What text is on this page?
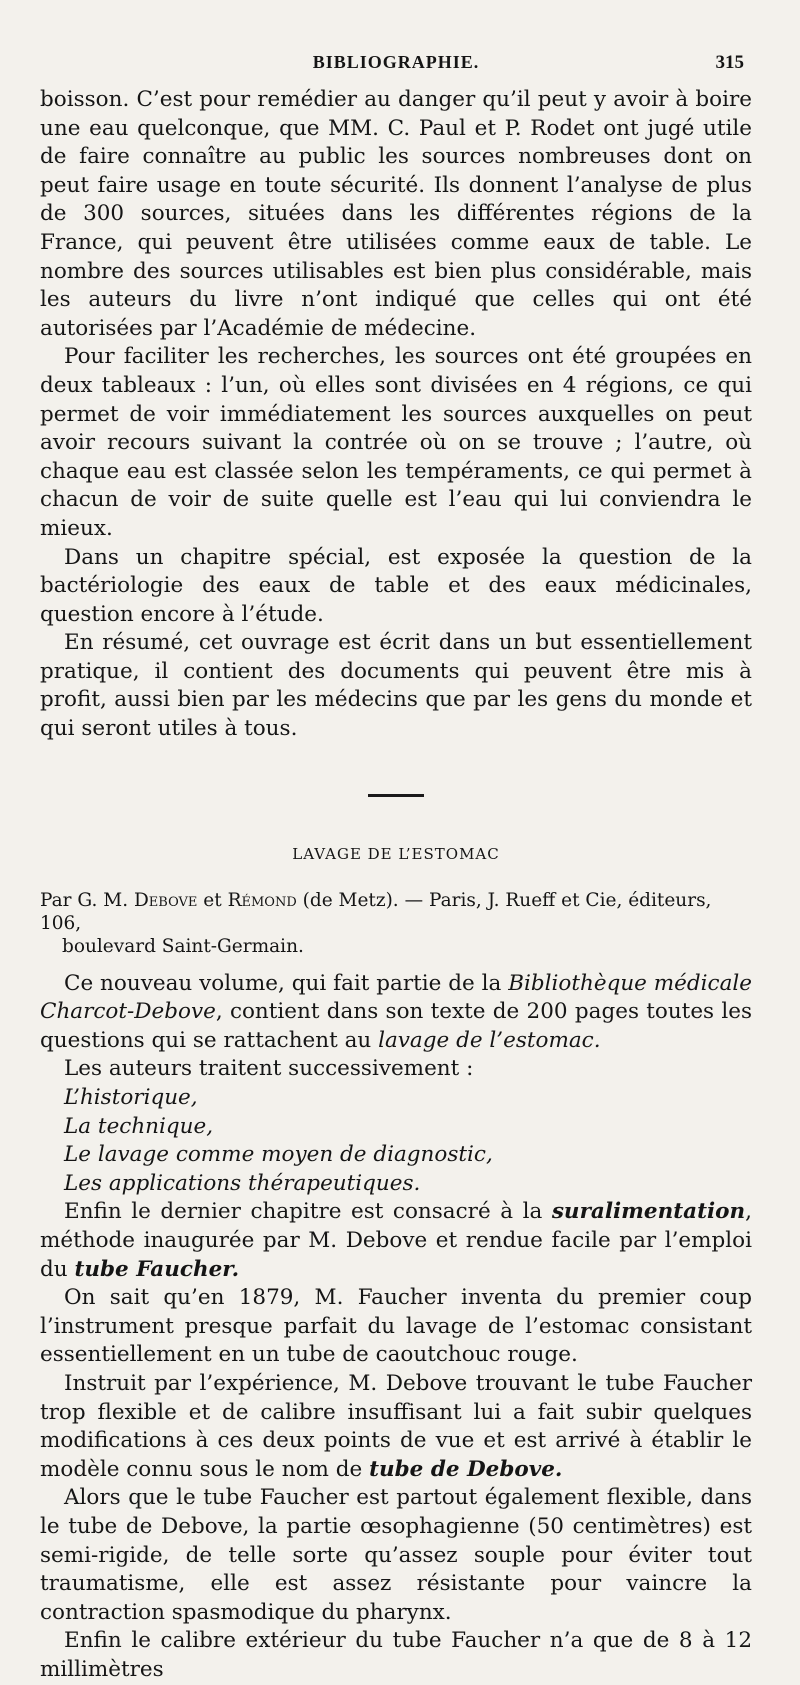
BIBLIOGRAPHIE.	315

boisson. C’est pour remédier au danger qu’il peut y avoir à boire une eau quelconque, que MM. C. Paul et P. Rodet ont jugé utile de faire connaître au public les sources nombreuses dont on peut faire usage en toute sécurité. Ils donnent l’analyse de plus de 300 sources, situées dans les différentes régions de la France, qui peuvent être utilisées comme eaux de table. Le nombre des sources utilisables est bien plus considérable, mais les auteurs du livre n’ont indiqué que celles qui ont été autorisées par l’Académie de médecine.

Pour faciliter les recherches, les sources ont été groupées en deux tableaux : l’un, où elles sont divisées en 4 régions, ce qui permet de voir immédiatement les sources auxquelles on peut avoir recours suivant la contrée où on se trouve ; l’autre, où chaque eau est classée selon les tempéraments, ce qui permet à chacun de voir de suite quelle est l’eau qui lui conviendra le mieux.

Dans un chapitre spécial, est exposée la question de la bactériologie des eaux de table et des eaux médicinales, question encore à l’étude.

En résumé, cet ouvrage est écrit dans un but essentiellement pratique, il contient des documents qui peuvent être mis à profit, aussi bien par les médecins que par les gens du monde et qui seront utiles à tous.

LAVAGE DE L’ESTOMAC

Par G. M. Debove et Rémond (de Metz). — Paris, J. Rueff et Cie, éditeurs, 106,

boulevard Saint-Germain.

Ce nouveau volume, qui fait partie de la Bibliothèque médicale Charcot-Debove, contient dans son texte de 200 pages toutes les questions qui se rattachent au lavage de l’estomac.

Les auteurs traitent successivement :

L’historique,

La technique,

Le lavage comme moyen de diagnostic,

Les applications thérapeutiques.

Enfin le dernier chapitre est consacré à la suralimentation, méthode inaugurée par M. Debove et rendue facile par l’emploi du tube Faucher.

On sait qu’en 1879, M. Faucher inventa du premier coup l’instrument presque parfait du lavage de l’estomac consistant essentiellement en un tube de caoutchouc rouge.

Instruit par l’expérience, M. Debove trouvant le tube Faucher trop flexible et de calibre insuffisant lui a fait subir quelques modifications à ces deux points de vue et est arrivé à établir le modèle connu sous le nom de tube de Debove.

Alors que le tube Faucher est partout également flexible, dans le tube de Debove, la partie œsophagienne (50 centimètres) est semi-rigide, de telle sorte qu’assez souple pour éviter tout traumatisme, elle est assez résistante pour vaincre la contraction spasmodique du pharynx.

Enfin le calibre extérieur du tube Faucher n’a que de 8 à 12 millimètres
